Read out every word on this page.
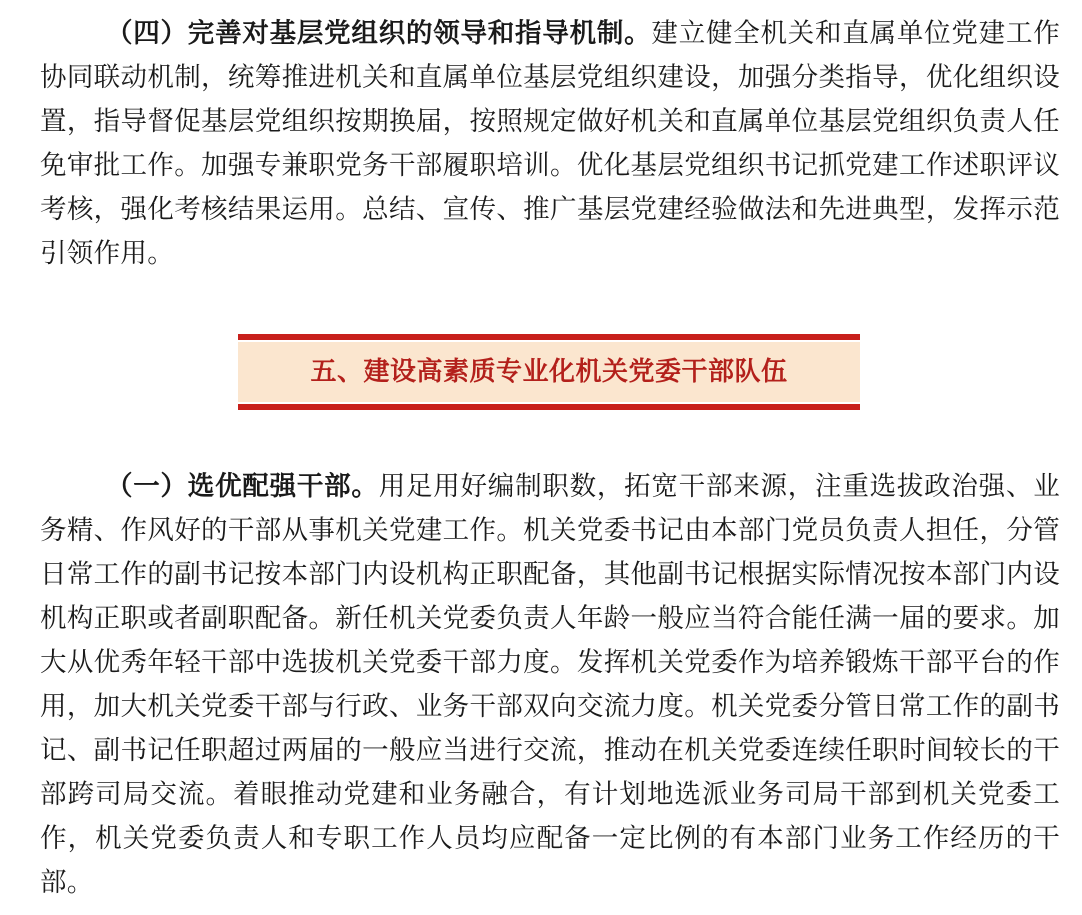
（四）完善对基层党组织的领导和指导机制。建立健全机关和直属单位党建工作协同联动机制，统筹推进机关和直属单位基层党组织建设，加强分类指导，优化组织设置，指导督促基层党组织按期换届，按照规定做好机关和直属单位基层党组织负责人任免审批工作。加强专兼职党务干部履职培训。优化基层党组织书记抓党建工作述职评议考核，强化考核结果运用。总结、宣传、推广基层党建经验做法和先进典型，发挥示范引领作用。

五、建设高素质专业化机关党委干部队伍

（一）选优配强干部。用足用好编制职数，拓宽干部来源，注重选拔政治强、业务精、作风好的干部从事机关党建工作。机关党委书记由本部门党员负责人担任，分管日常工作的副书记按本部门内设机构正职配备，其他副书记根据实际情况按本部门内设机构正职或者副职配备。新任机关党委负责人年龄一般应当符合能任满一届的要求。加大从优秀年轻干部中选拔机关党委干部力度。发挥机关党委作为培养锻炼干部平台的作用，加大机关党委干部与行政、业务干部双向交流力度。机关党委分管日常工作的副书记、副书记任职超过两届的一般应当进行交流，推动在机关党委连续任职时间较长的干部跨司局交流。着眼推动党建和业务融合，有计划地选派业务司局干部到机关党委工作，机关党委负责人和专职工作人员均应配备一定比例的有本部门业务工作经历的干部。
